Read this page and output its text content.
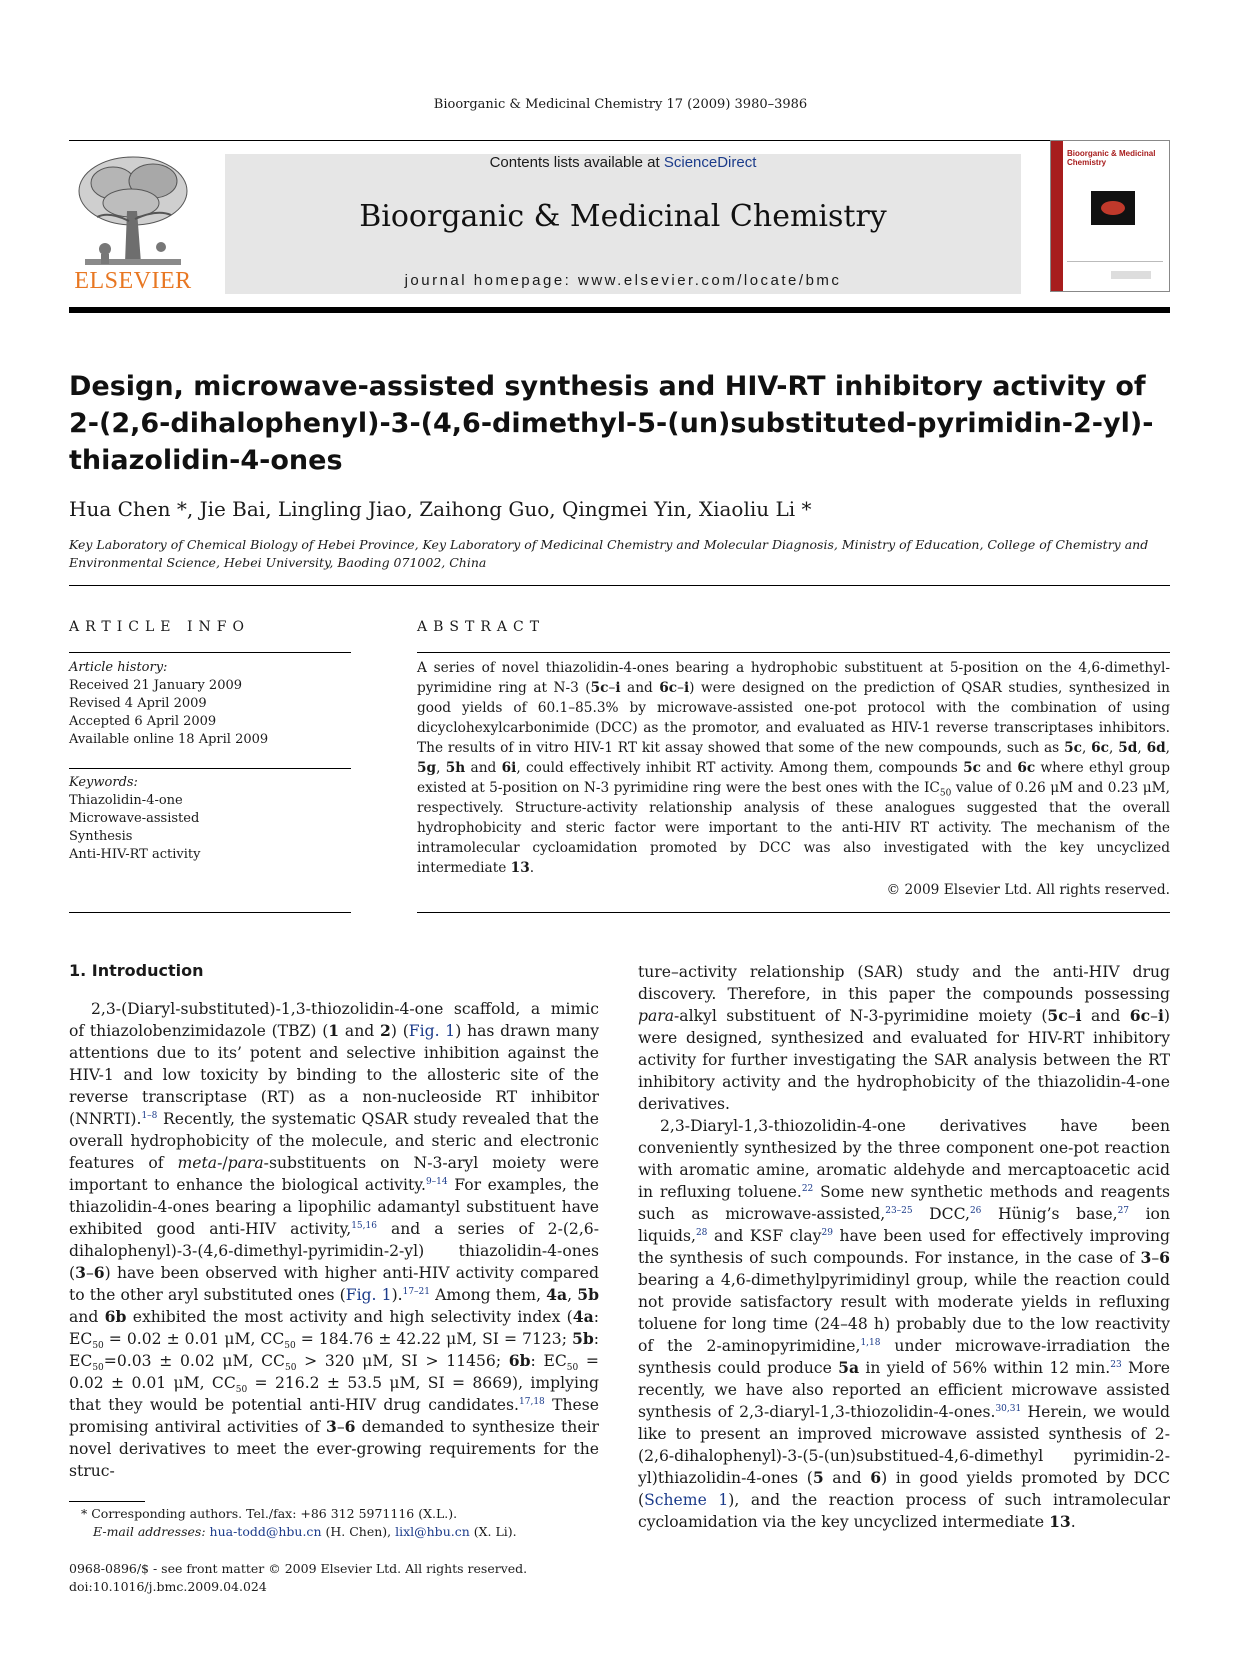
Bioorganic & Medicinal Chemistry 17 (2009) 3980–3986
ELSEVIER
Contents lists available at ScienceDirect
Bioorganic & Medicinal Chemistry
journal homepage: www.elsevier.com/locate/bmc
Bioorganic & Medicinal Chemistry
Design, microwave-assisted synthesis and HIV-RT inhibitory activity of
2-(2,6-dihalophenyl)-3-(4,6-dimethyl-5-(un)substituted-pyrimidin-2-yl)-
thiazolidin-4-ones
Hua Chen *, Jie Bai, Lingling Jiao, Zaihong Guo, Qingmei Yin, Xiaoliu Li *
Key Laboratory of Chemical Biology of Hebei Province, Key Laboratory of Medicinal Chemistry and Molecular Diagnosis, Ministry of Education, College of Chemistry and Environmental Science, Hebei University, Baoding 071002, China
ARTICLE INFO	ABSTRACT
Article history:
Received 21 January 2009
Revised 4 April 2009
Accepted 6 April 2009
Available online 18 April 2009
Keywords:
Thiazolidin-4-one
Microwave-assisted
Synthesis
Anti-HIV-RT activity
A series of novel thiazolidin-4-ones bearing a hydrophobic substituent at 5-position on the 4,6-dimethyl-pyrimidine ring at N-3 (5c–i and 6c–i) were designed on the prediction of QSAR studies, synthesized in good yields of 60.1–85.3% by microwave-assisted one-pot protocol with the combination of using dicyclohexylcarbonimide (DCC) as the promotor, and evaluated as HIV-1 reverse transcriptases inhibitors. The results of in vitro HIV-1 RT kit assay showed that some of the new compounds, such as 5c, 6c, 5d, 6d, 5g, 5h and 6i, could effectively inhibit RT activity. Among them, compounds 5c and 6c where ethyl group existed at 5-position on N-3 pyrimidine ring were the best ones with the $IC_{50}$ value of 0.26 μM and 0.23 μM, respectively. Structure-activity relationship analysis of these analogues suggested that the overall hydrophobicity and steric factor were important to the anti-HIV RT activity. The mechanism of the intramolecular cycloamidation promoted by DCC was also investigated with the key uncyclized intermediate 13.
© 2009 Elsevier Ltd. All rights reserved.
1. Introduction

2,3-(Diaryl-substituted)-1,3-thiozolidin-4-one scaffold, a mimic of thiazolobenzimidazole (TBZ) (1 and 2) (Fig. 1) has drawn many attentions due to its’ potent and selective inhibition against the HIV-1 and low toxicity by binding to the allosteric site of the reverse transcriptase (RT) as a non-nucleoside RT inhibitor (NNRTI).$^{1-8}$ Recently, the systematic QSAR study revealed that the overall hydrophobicity of the molecule, and steric and electronic features of meta-/para-substituents on N-3-aryl moiety were important to enhance the biological activity.$^{9-14}$ For examples, the thiazolidin-4-ones bearing a lipophilic adamantyl substituent have exhibited good anti-HIV activity,$^{15,16}$ and a series of 2-(2,6-dihalophenyl)-3-(4,6-dimethyl-pyrimidin-2-yl) thiazolidin-4-ones (3–6) have been observed with higher anti-HIV activity compared to the other aryl substituted ones (Fig. 1).$^{17-21}$ Among them, 4a, 5b and 6b exhibited the most activity and high selectivity index (4a: $EC_{50} = 0.02 \pm 0.01$ μM, $CC_{50} = 184.76 \pm 42.22$ μM, SI = 7123; 5b: $EC_{50}=0.03 \pm 0.02$ μM, $CC_{50} > 320$ μM, SI > 11456; 6b: $EC_{50} = 0.02 \pm 0.01$ μM, $CC_{50} = 216.2 \pm 53.5$ μM, SI = 8669), implying that they would be potential anti-HIV drug candidates.$^{17,18}$ These promising antiviral activities of 3–6 demanded to synthesize their novel derivatives to meet the ever-growing requirements for the struc-

ture–activity relationship (SAR) study and the anti-HIV drug discovery. Therefore, in this paper the compounds possessing para-alkyl substituent of N-3-pyrimidine moiety (5c–i and 6c–i) were designed, synthesized and evaluated for HIV-RT inhibitory activity for further investigating the SAR analysis between the RT inhibitory activity and the hydrophobicity of the thiazolidin-4-one derivatives.

2,3-Diaryl-1,3-thiozolidin-4-one derivatives have been conveniently synthesized by the three component one-pot reaction with aromatic amine, aromatic aldehyde and mercaptoacetic acid in refluxing toluene.$^{22}$ Some new synthetic methods and reagents such as microwave-assisted,$^{23-25}$ DCC,$^{26}$ Hünig’s base,$^{27}$ ion liquids,$^{28}$ and KSF clay$^{29}$ have been used for effectively improving the synthesis of such compounds. For instance, in the case of 3–6 bearing a 4,6-dimethylpyrimidinyl group, while the reaction could not provide satisfactory result with moderate yields in refluxing toluene for long time (24–48 h) probably due to the low reactivity of the 2-aminopyrimidine,$^{1,18}$ under microwave-irradiation the synthesis could produce 5a in yield of 56% within 12 min.$^{23}$ More recently, we have also reported an efficient microwave assisted synthesis of 2,3-diaryl-1,3-thiozolidin-4-ones.$^{30,31}$ Herein, we would like to present an improved microwave assisted synthesis of 2-(2,6-dihalophenyl)-3-(5-(un)substitued-4,6-dimethyl pyrimidin-2-yl)thiazolidin-4-ones (5 and 6) in good yields promoted by DCC (Scheme 1), and the reaction process of such intramolecular cycloamidation via the key uncyclized intermediate 13.

* Corresponding authors. Tel./fax: +86 312 5971116 (X.L.).
E-mail addresses: hua-todd@hbu.cn (H. Chen), lixl@hbu.cn (X. Li).
0968-0896/$ - see front matter © 2009 Elsevier Ltd. All rights reserved.
doi:10.1016/j.bmc.2009.04.024
